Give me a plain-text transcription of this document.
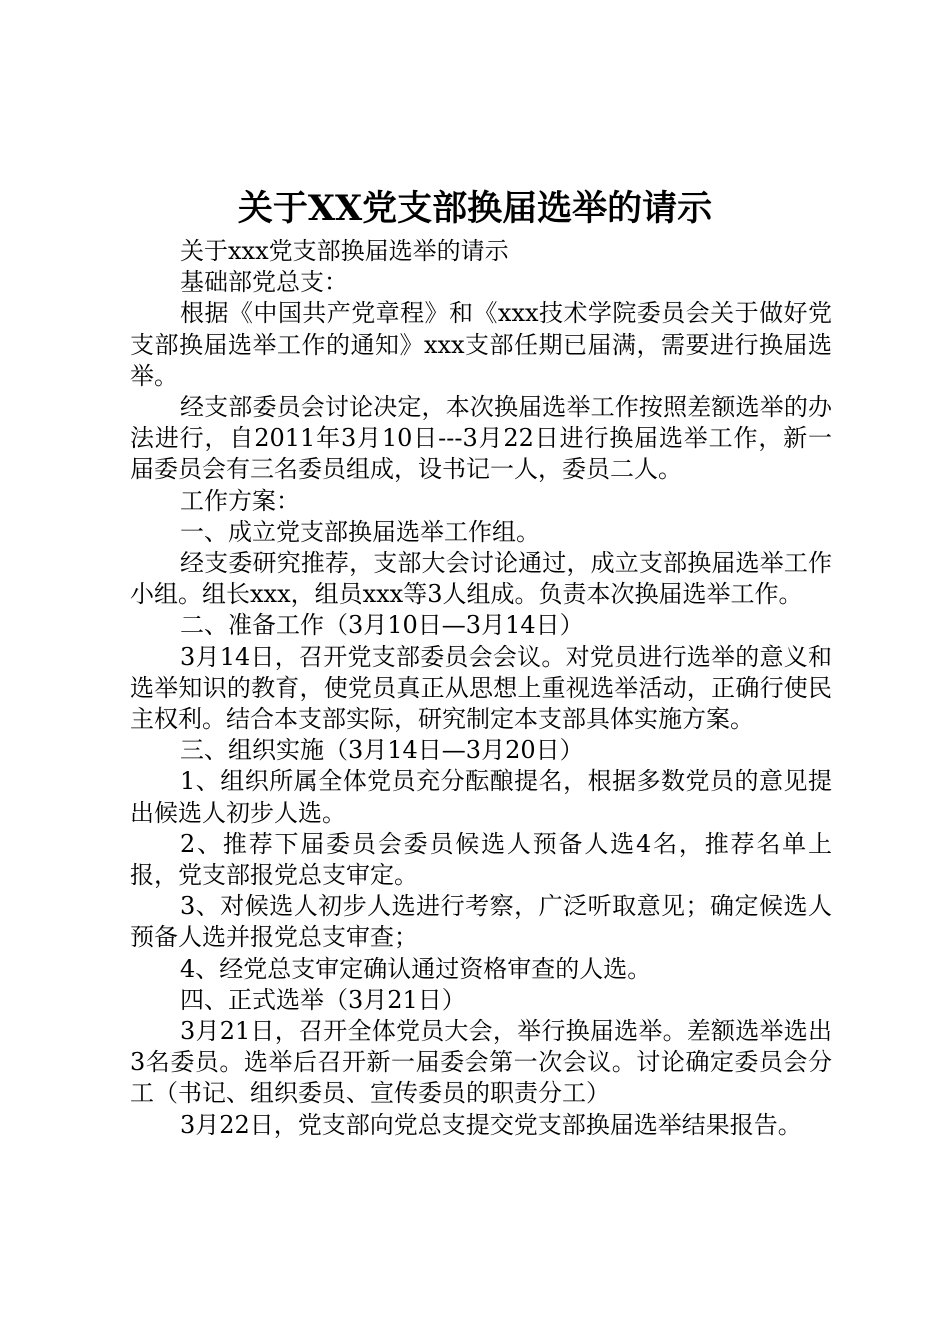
关于XX党支部换届选举的请示

关于xxx党支部换届选举的请示

基础部党总支：

根据《中国共产党章程》和《xxx技术学院委员会关于做好党支部换届选举工作的通知》xxx支部任期已届满，需要进行换届选举。

经支部委员会讨论决定，本次换届选举工作按照差额选举的办法进行，自2011年3月10日---3月22日进行换届选举工作，新一届委员会有三名委员组成，设书记一人，委员二人。

工作方案：

一、成立党支部换届选举工作组。

经支委研究推荐，支部大会讨论通过，成立支部换届选举工作小组。组长xxx，组员xxx等3人组成。负责本次换届选举工作。

二、准备工作（3月10日—3月14日）

3月14日，召开党支部委员会会议。对党员进行选举的意义和选举知识的教育，使党员真正从思想上重视选举活动，正确行使民主权利。结合本支部实际，研究制定本支部具体实施方案。

三、组织实施（3月14日—3月20日）

1、组织所属全体党员充分酝酿提名，根据多数党员的意见提出候选人初步人选。

2、推荐下届委员会委员候选人预备人选4名，推荐名单上报，党支部报党总支审定。

3、对候选人初步人选进行考察，广泛听取意见；确定候选人预备人选并报党总支审查；

4、经党总支审定确认通过资格审查的人选。

四、正式选举（3月21日）

3月21日，召开全体党员大会，举行换届选举。差额选举选出3名委员。选举后召开新一届委会第一次会议。讨论确定委员会分工（书记、组织委员、宣传委员的职责分工）

3月22日，党支部向党总支提交党支部换届选举结果报告。
